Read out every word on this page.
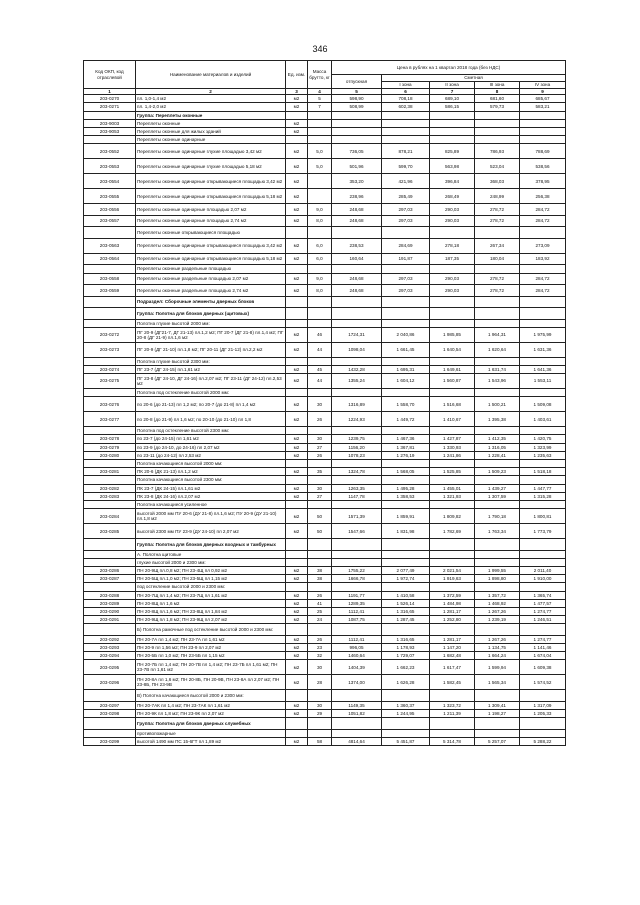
346
Код ОКП, код отраслевой	Наименование материалов и изделий	Ед. изм.	Масса брутто, кг	Цена в рублях на 1 квартал 2018 года (без НДС)				
				отпускная	Сметная			
					I зона	II зона	III зона	IV зона
1	2	3	4	5	6	7	8	9
203-0270	пл. 1,0-1,4 м2	м2	5	598,90	708,18	689,10	681,60	685,67
203-0271	пл. 1,4-2,0 м2	м2	7	508,99	602,38	586,15	579,73	583,21
	Группа: Переплеты оконные							
203-9003	Переплеты оконные	м2						
203-9053	Переплеты оконные для жилых зданий	м2						
	Переплеты оконные одинарные							
203-0552	Переплеты оконные одинарные глухие площадью 3,42 м2	м2	5,0	736,05	878,21	825,89	786,93	788,69
203-0553	Переплеты оконные одинарные глухие площадью 5,18 м2	м2	5,0	501,96	599,70	563,98	523,04	538,56
203-0554	Переплеты оконные одинарные открывающиеся площадью 3,42 м2	м2		353,20	421,96	396,84	368,03	378,95
203-0555	Переплеты оконные одинарные открывающиеся площадью 5,18 м2	м2		238,96	285,49	268,49	248,99	256,38
203-0556	Переплеты оконные одинарные площадью 2,07 м2	м2	9,0	248,68	297,03	290,03	278,72	284,72
203-0557	Переплеты оконные одинарные площадью 2,74 м2	м2	8,0	248,68	297,03	290,03	278,72	284,72
	Переплеты оконные открывающиеся площадью							
203-0563	Переплеты оконные одинарные открывающиеся площадью 3,42 м2	м2	6,0	238,53	284,69	278,18	267,34	273,09
203-0564	Переплеты оконные одинарные открывающиеся площадью 5,18 м2	м2	6,0	160,64	191,87	187,35	180,04	183,92
	Переплеты оконные раздельные площадью							
203-0558	Переплеты оконные раздельные площадью 2,07 м2	м2	9,0	248,68	297,03	290,03	278,72	284,72
203-0559	Переплеты оконные раздельные площадью 2,74 м2	м2	8,0	248,68	297,03	290,03	278,72	284,72
	Подраздел: Сборочные элементы дверных блоков							
	Группа: Полотна для блоков дверных (щитовых)							
	Полотна глухие высотой 2000 мм:							
203-0272	ПГ 20-9 (ДГ21-7, ДГ 21-13) пл.1,2 м2; ПГ 20-7 (ДГ 21-8) пл.1,4 м2; ПГ 20-8 (ДГ 21-9) пл.1,6 м2	м2	46	1724,31	2 040,86	1 985,85	1 964,31	1 975,99
203-0273	ПГ 20-9 (ДГ 21-10) пл.1,8 м2; ПГ 20-11 (ДГ 21-12) пл.2,2 м2	м2	44	1098,04	1 661,45	1 640,54	1 620,64	1 631,36
	Полотна глухие высотой 2300 мм:							
203-0274	ПГ 23-7 (ДГ 24-15) пл.1,61 м2	м2	45	1432,28	1 695,31	1 649,61	1 631,74	1 641,36
203-0275	ПГ 23-8 (ДГ 24-10, ДГ 24-16) пл.2,07 м2; ПГ 23-11 (ДГ 24-12) пл.2,53 м2	м2	44	1355,24	1 604,12	1 560,87	1 543,96	1 553,11
	Полотна под остекление высотой 2000 мм:							
203-0276	по 20-6 (до 21-13) пл 1,2 м2; по 20-7 (до 21-8) пл 1,4 м2	м2	30	1316,89	1 558,70	1 516,68	1 500,21	1 509,08
203-0277	по 20-8 (до 21-9) пл 1,6 м2; по 20-10 (до 21-10) пл 1,8	м2	26	1224,93	1 449,72	1 410,67	1 395,38	1 403,61
	Полотна под остекление высотой 2300 мм:							
203-0278	по 23-7 (до 24-15) пл 1,61 м2	м2	30	1239,75	1 467,36	1 427,87	1 412,35	1 420,75
203-0279	по 23-9 (до 24-10, до 24-16) пл 2,07 м2	м2	27	1156,20	1 367,81	1 330,93	1 316,05	1 323,99
203-0280	по 23-11 (до 24-12) пл 2,53 м2	м2	26	1078,23	1 276,19	1 241,86	1 228,41	1 235,63
	Полотна качающиеся высотой 2000 мм:							
203-0281	ПК 20-6 (ДК 21-13) пл.1,2 м2	м2	35	1324,78	1 568,05	1 525,85	1 509,23	1 518,18
	Полотна качающиеся высотой 2300 мм:							
203-0282	ПК 23-7 (ДК 24-15) пл.1,61 м2	м2	30	1263,35	1 495,28	1 455,01	1 439,27	1 447,77
203-0283	ПК 23-8 (ДК 24-16) пл.2,07 м2	м2	27	1147,78	1 358,53	1 321,93	1 307,59	1 315,28
	Полотна качающиеся усиленное							
203-0284	высотой 2000 мм ПУ 20-6 (ДУ 21-8) пл.1,6 м2; ПУ 20-9 (ДУ 21-10) пл.1,8 м2	м2	50	1571,39	1 859,91	1 809,82	1 790,18	1 800,81
203-0285	высотой 2300 мм ПУ 23-9 (ДУ 24-10) пл 2,07 м2	м2	50	1547,66	1 831,98	1 782,69	1 763,34	1 773,79
	Группа: Полотна для блоков дверных входных и тамбурных							
	А. Полотна щитовые							
	глухие высотой 2000 и 2300 мм:							
203-0286	ПН 20-9Щ пл.0,8 м2; ПН 23-4Щ пл 0,92 м2	м2	38	1755,22	2 077,49	2 021,54	1 999,55	2 011,40
203-0287	ПН 20-5Щ пл.1,0 м2; ПН 23-5Щ пл 1,15 м2	м2	38	1666,78	1 972,74	1 919,63	1 898,80	1 910,00
	под остекление высотой 2000 и 2300 мм:							
203-0288	ПН 20-7Щ пл 1,4 м2; ПН 23-7Щ пл 1,61 м2	м2	26	1191,77	1 410,58	1 372,59	1 357,72	1 365,74
203-0289	ПН 20-8Щ пл 1,6 м2	м2	41	1289,35	1 526,14	1 484,98	1 468,92	1 477,57
203-0290	ПН 20-8Щ пл.1,6 м2; ПН 23-8Щ пл 1,84 м2	м2	25	1112,41	1 316,65	1 281,17	1 267,26	1 274,77
203-0291	ПН 20-9Щ пл 1,8 м2; ПН 23-9Щ пл 2,07 м2	м2	24	1087,75	1 287,45	1 252,80	1 239,19	1 246,51
	Б) Полотна рамочные под остекление высотой 2000 и 2300 мм:							
203-0292	ПН 20-7А пл 1,4 м2; ПН 23-7А пл 1,61 м2	м2	26	1112,41	1 316,65	1 281,17	1 267,26	1 274,77
203-0293	ПН 20-9 пл 1,56 м2; ПН 23-9 пл 2,07 м2	м2	23	996,05	1 178,93	1 147,20	1 134,75	1 141,46
203-0294	ПН 20-5Б пл 1,0 м2; ПН 23-5Б пл 1,15 м2	м2	32	1460,64	1 729,07	1 682,48	1 664,24	1 674,04
203-0295	ПН 20-7Б пл 1,4 м2; ПН 20-7В пл 1,4 м2; ПН 23-7Б пл 1,61 м2; ПН 23-7В пл 1,61 м2	м2	30	1404,39	1 662,23	1 617,47	1 599,94	1 609,38
203-0296	ПН 20-8А пл 1,6 м2; ПН 20-8Б, ПН 20-9В, ПН 23-8А пл 2,07 м2; ПН 23-8Б, ПН 23-9В	м2	28	1374,00	1 626,28	1 582,45	1 565,34	1 574,52
	В) Полотна качающиеся высотой 2000 и 2300 мм:							
203-0297	ПН 20-7АК пл 1,4 м2; ПН 23-7АК пл 1,61 м2	м2	30	1149,35	1 360,37	1 323,72	1 309,41	1 317,09
203-0298	ПН 20-9К пл 1,8 м2; ПН 23-9К пл 2,07 м2	м2	29	1051,82	1 244,95	1 211,39	1 198,27	1 205,33
	Группа: Полотна для блоков дверных служебных							
	противопожарные							
203-0299	высотой 1490 мм ПС 15-6ГТ пл 1,89 м2	м2	58	4814,64	5 451,87	5 314,78	5 257,07	5 288,22
